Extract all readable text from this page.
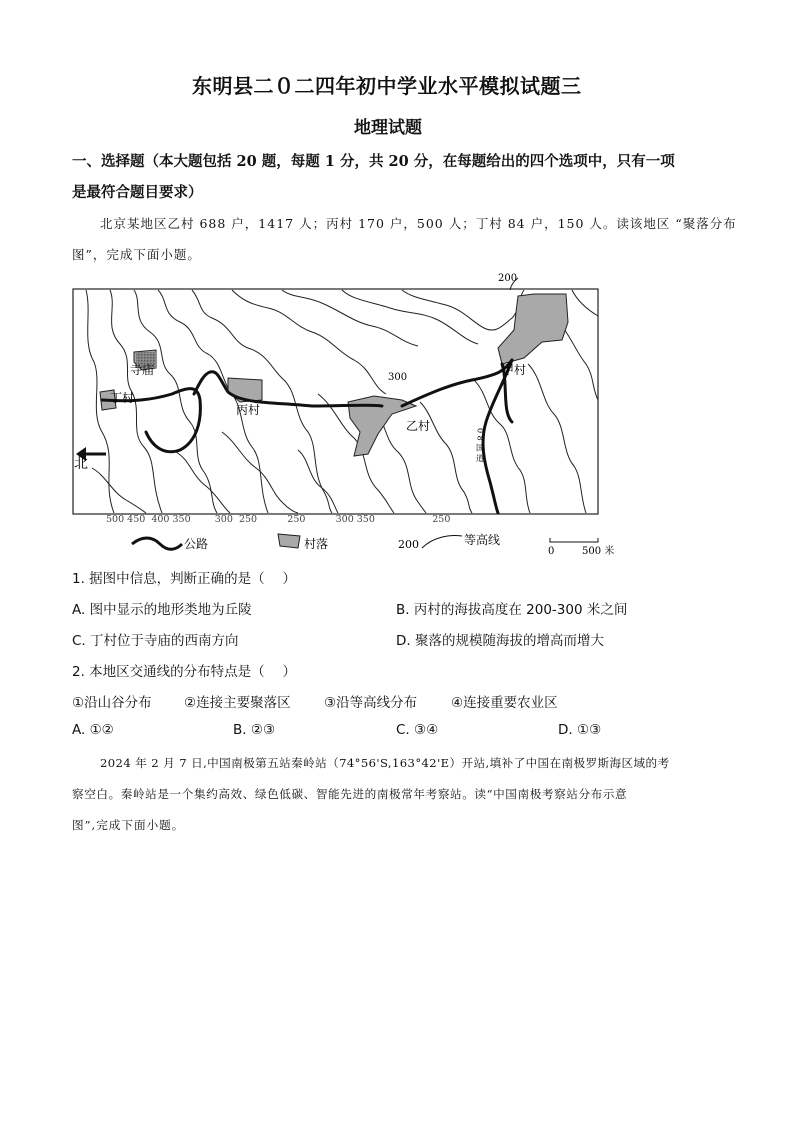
东明县二０二四年初中学业水平模拟试题三
地理试题
一、选择题（本大题包括 20 题，每题 1 分，共 20 分，在每题给出的四个选项中，只有一项
是最符合题目要求）
北京某地区乙村 688 户，1417 人；丙村 170 户，500 人；丁村 84 户，150 人。读该地区 “聚落分布
图”，完成下面小题。
北
寺庙
丁村
丙村
乙村
甲村
200
300
0 8 国 道
500 450  400 350        300  250          250          300 350                   250
公路	村落	200	等高线
0	500 米
1. 据图中信息，判断正确的是（　 ）
A. 图中显示的地形类地为丘陵	B. 丙村的海拔高度在 200-300 米之间
C. 丁村位于寺庙的西南方向	D. 聚落的规模随海拔的增高而增大
2. 本地区交通线的分布特点是（　 ）
①沿山谷分布 ②连接主要聚落区 ③沿等高线分布	④连接重要农业区
A. ①②	B. ②③	C. ③④	D. ①③
2024 年 2 月 7 日,中国南极第五站秦岭站（74°56'S,163°42'E）开站,填补了中国在南极罗斯海区域的考
察空白。秦岭站是一个集约高效、绿色低碳、智能先进的南极常年考察站。读“中国南极考察站分布示意
图”,完成下面小题。
